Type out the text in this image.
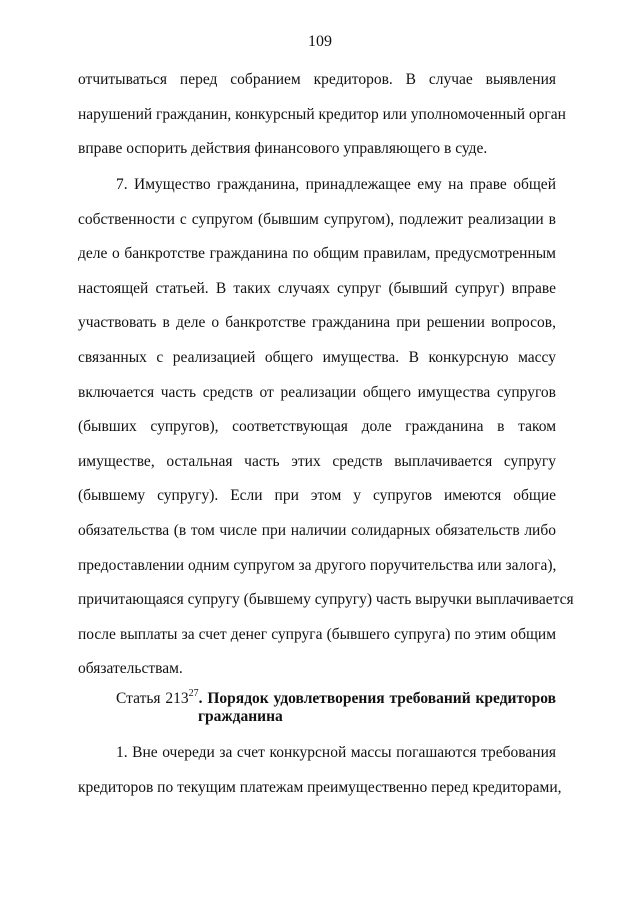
109
отчитываться перед собранием кредиторов. В случае выявления
нарушений гражданин, конкурсный кредитор или уполномоченный орган
вправе оспорить действия финансового управляющего в суде.
7. Имущество гражданина, принадлежащее ему на праве общей
собственности с супругом (бывшим супругом), подлежит реализации в
деле о банкротстве гражданина по общим правилам, предусмотренным
настоящей статьей. В таких случаях супруг (бывший супруг) вправе
участвовать в деле о банкротстве гражданина при решении вопросов,
связанных с реализацией общего имущества. В конкурсную массу
включается часть средств от реализации общего имущества супругов
(бывших супругов), соответствующая доле гражданина в таком
имуществе, остальная часть этих средств выплачивается супругу
(бывшему супругу). Если при этом у супругов имеются общие
обязательства (в том числе при наличии солидарных обязательств либо
предоставлении одним супругом за другого поручительства или залога),
причитающаяся супругу (бывшему супругу) часть выручки выплачивается
после выплаты за счет денег супруга (бывшего супруга) по этим общим
обязательствам.
Статья $213^{27}$. Порядок удовлетворения требований кредиторов
гражданина
1. Вне очереди за счет конкурсной массы погашаются требования
кредиторов по текущим платежам преимущественно перед кредиторами,
